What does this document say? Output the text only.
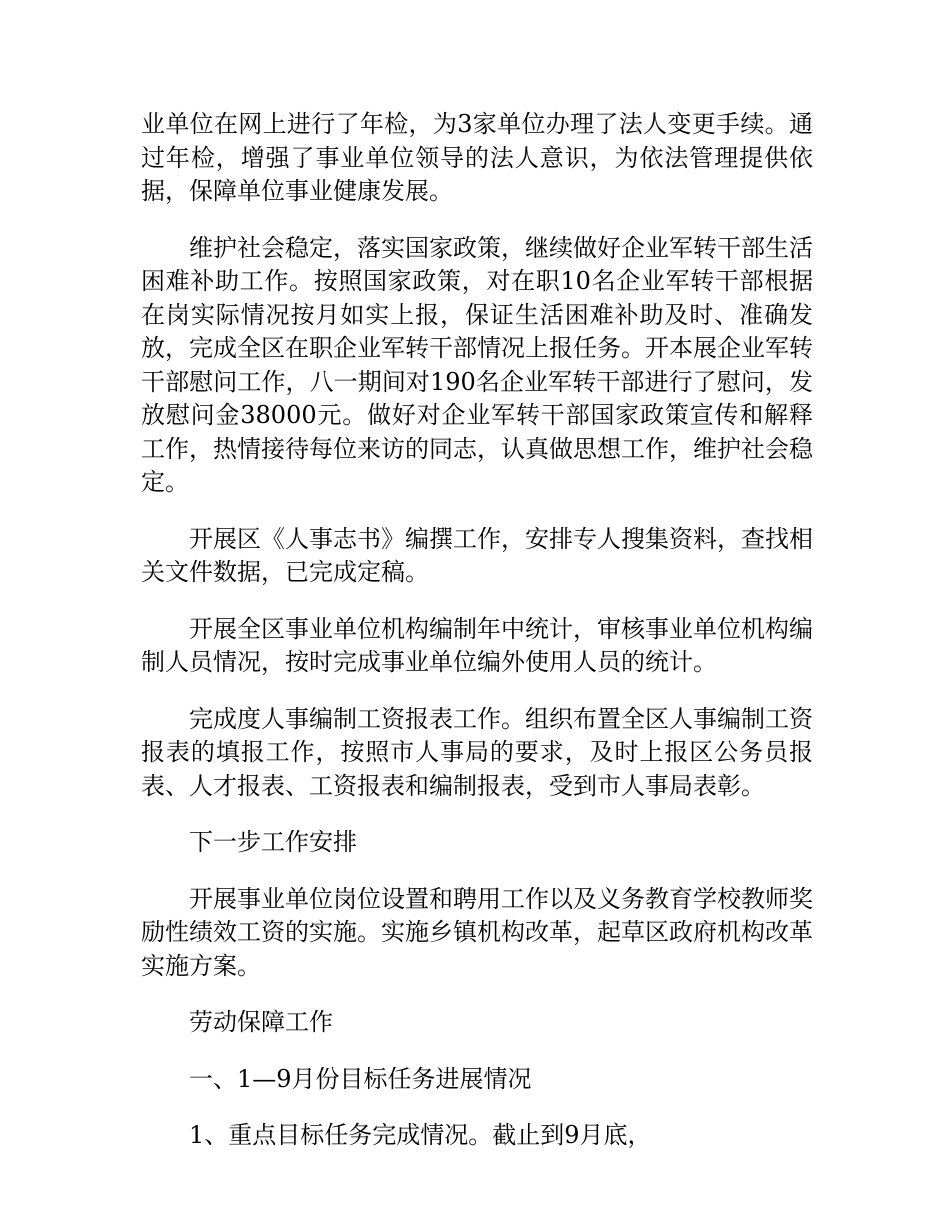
业单位在网上进行了年检，为3家单位办理了法人变更手续。通过年检，增强了事业单位领导的法人意识，为依法管理提供依据，保障单位事业健康发展。

维护社会稳定，落实国家政策，继续做好企业军转干部生活困难补助工作。按照国家政策，对在职10名企业军转干部根据在岗实际情况按月如实上报，保证生活困难补助及时、准确发放，完成全区在职企业军转干部情况上报任务。开本展企业军转干部慰问工作，八一期间对190名企业军转干部进行了慰问，发放慰问金38000元。做好对企业军转干部国家政策宣传和解释工作，热情接待每位来访的同志，认真做思想工作，维护社会稳定。

开展区《人事志书》编撰工作，安排专人搜集资料，查找相关文件数据，已完成定稿。

开展全区事业单位机构编制年中统计，审核事业单位机构编制人员情况，按时完成事业单位编外使用人员的统计。

完成度人事编制工资报表工作。组织布置全区人事编制工资报表的填报工作，按照市人事局的要求，及时上报区公务员报表、人才报表、工资报表和编制报表，受到市人事局表彰。

下一步工作安排

开展事业单位岗位设置和聘用工作以及义务教育学校教师奖励性绩效工资的实施。实施乡镇机构改革，起草区政府机构改革实施方案。

劳动保障工作

一、1—9月份目标任务进展情况

1、重点目标任务完成情况。截止到9月底，
